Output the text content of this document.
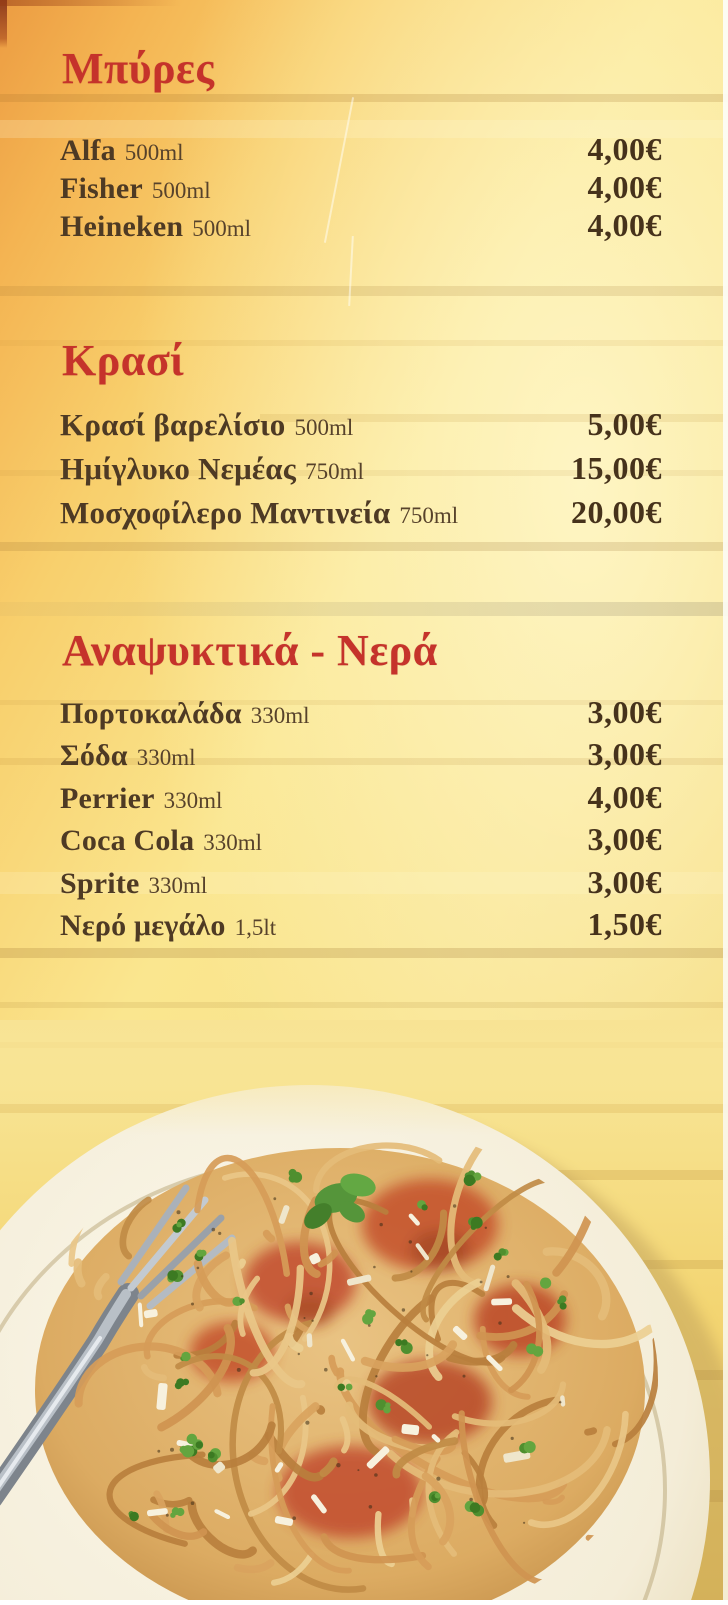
Μπύρες
Alfa 500ml	4,00€
Fisher 500ml	4,00€
Heineken 500ml	4,00€
Κρασί
Κρασί βαρελίσιο 500ml	5,00€
Ημίγλυκο Νεμέας 750ml	15,00€
Μοσχοφίλερο Μαντινεία 750ml	20,00€
Αναψυκτικά - Νερά
Πορτοκαλάδα 330ml	3,00€
Σόδα 330ml	3,00€
Perrier 330ml	4,00€
Coca Cola 330ml	3,00€
Sprite 330ml	3,00€
Νερό μεγάλο 1,5lt	1,50€
